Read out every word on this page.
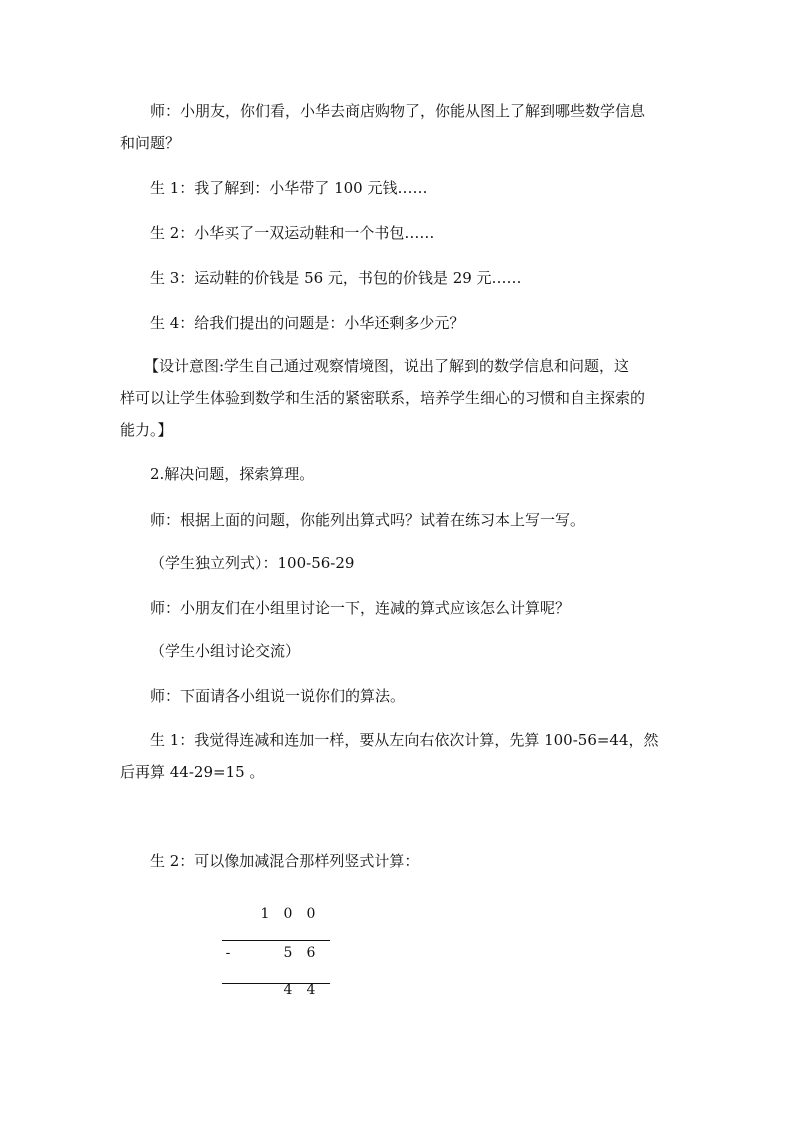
师：小朋友，你们看，小华去商店购物了，你能从图上了解到哪些数学信息
和问题？
生 1：我了解到：小华带了 100 元钱……
生 2：小华买了一双运动鞋和一个书包……
生 3：运动鞋的价钱是 56 元，书包的价钱是 29 元……
生 4：给我们提出的问题是：小华还剩多少元？
【设计意图:学生自己通过观察情境图，说出了解到的数学信息和问题，这
样可以让学生体验到数学和生活的紧密联系，培养学生细心的习惯和自主探索的
能力。】
2.解决问题，探索算理。
师：根据上面的问题，你能列出算式吗？试着在练习本上写一写。
（学生独立列式）：100-56-29
师：小朋友们在小组里讨论一下，连减的算式应该怎么计算呢？
（学生小组讨论交流）
师：下面请各小组说一说你们的算法。
生 1：我觉得连减和连加一样，要从左向右依次计算，先算 100-56=44，然
后再算 44-29=15 。
生 2：可以像加减混合那样列竖式计算：
1 0 0
-	5 6
4 4
